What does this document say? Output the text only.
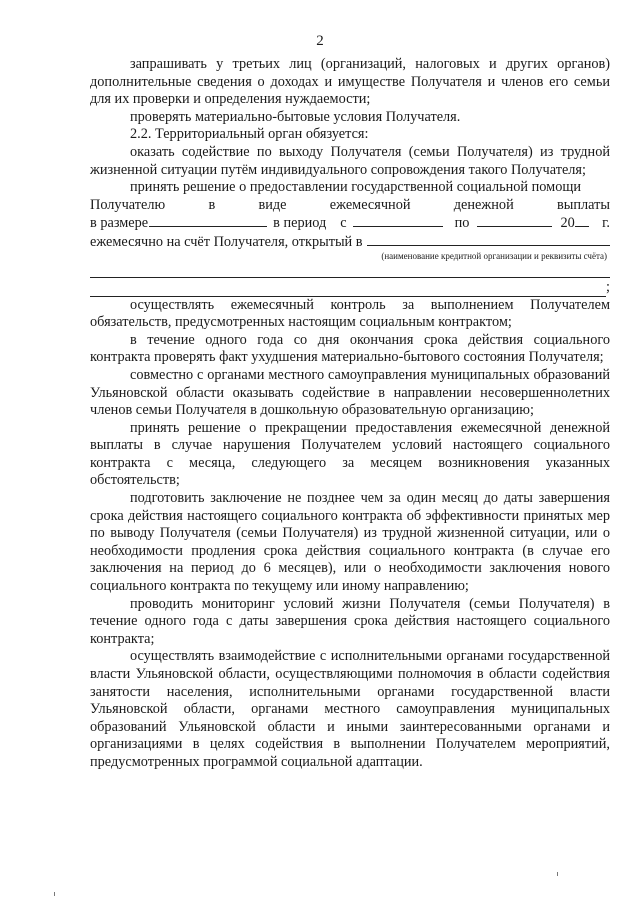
2

запрашивать у третьих лиц (организаций, налоговых и других органов) дополнительные сведения о доходах и имуществе Получателя и членов его семьи для их проверки и определения нуждаемости;

проверять материально-бытовые условия Получателя.

2.2. Территориальный орган обязуется:

оказать содействие по выходу Получателя (семьи Получателя) из трудной жизненной ситуации путём индивидуального сопровождения такого Получателя;

принять решение о предоставлении государственной социальной помощи

Получателю	в	виде	ежемесячной	денежной	выплаты
в размере	в период с	по	20 г.
ежемесячно на счёт Получателя, открытый в
(наименование кредитной организации и реквизиты счёта)
;

осуществлять ежемесячный контроль за выполнением Получателем обязательств, предусмотренных настоящим социальным контрактом;

в течение одного года со дня окончания срока действия социального контракта проверять факт ухудшения материально-бытового состояния Получателя;

совместно с органами местного самоуправления муниципальных образований Ульяновской области оказывать содействие в направлении несовершеннолетних членов семьи Получателя в дошкольную образовательную организацию;

принять решение о прекращении предоставления ежемесячной денежной выплаты в случае нарушения Получателем условий настоящего социального контракта с месяца, следующего за месяцем возникновения указанных обстоятельств;

подготовить заключение не позднее чем за один месяц до даты завершения срока действия настоящего социального контракта об эффективности принятых мер по выводу Получателя (семьи Получателя) из трудной жизненной ситуации, или о необходимости продления срока действия социального контракта (в случае его заключения на период до 6 месяцев), или о необходимости заключения нового социального контракта по текущему или иному направлению;

проводить мониторинг условий жизни Получателя (семьи Получателя) в течение одного года с даты завершения срока действия настоящего социального контракта;

осуществлять взаимодействие с исполнительными органами государственной власти Ульяновской области, осуществляющими полномочия в области содействия занятости населения, исполнительными органами государственной власти Ульяновской области, органами местного самоуправления муниципальных образований Ульяновской области и иными заинтересованными органами и организациями в целях содействия в выполнении Получателем мероприятий, предусмотренных программой социальной адаптации.
